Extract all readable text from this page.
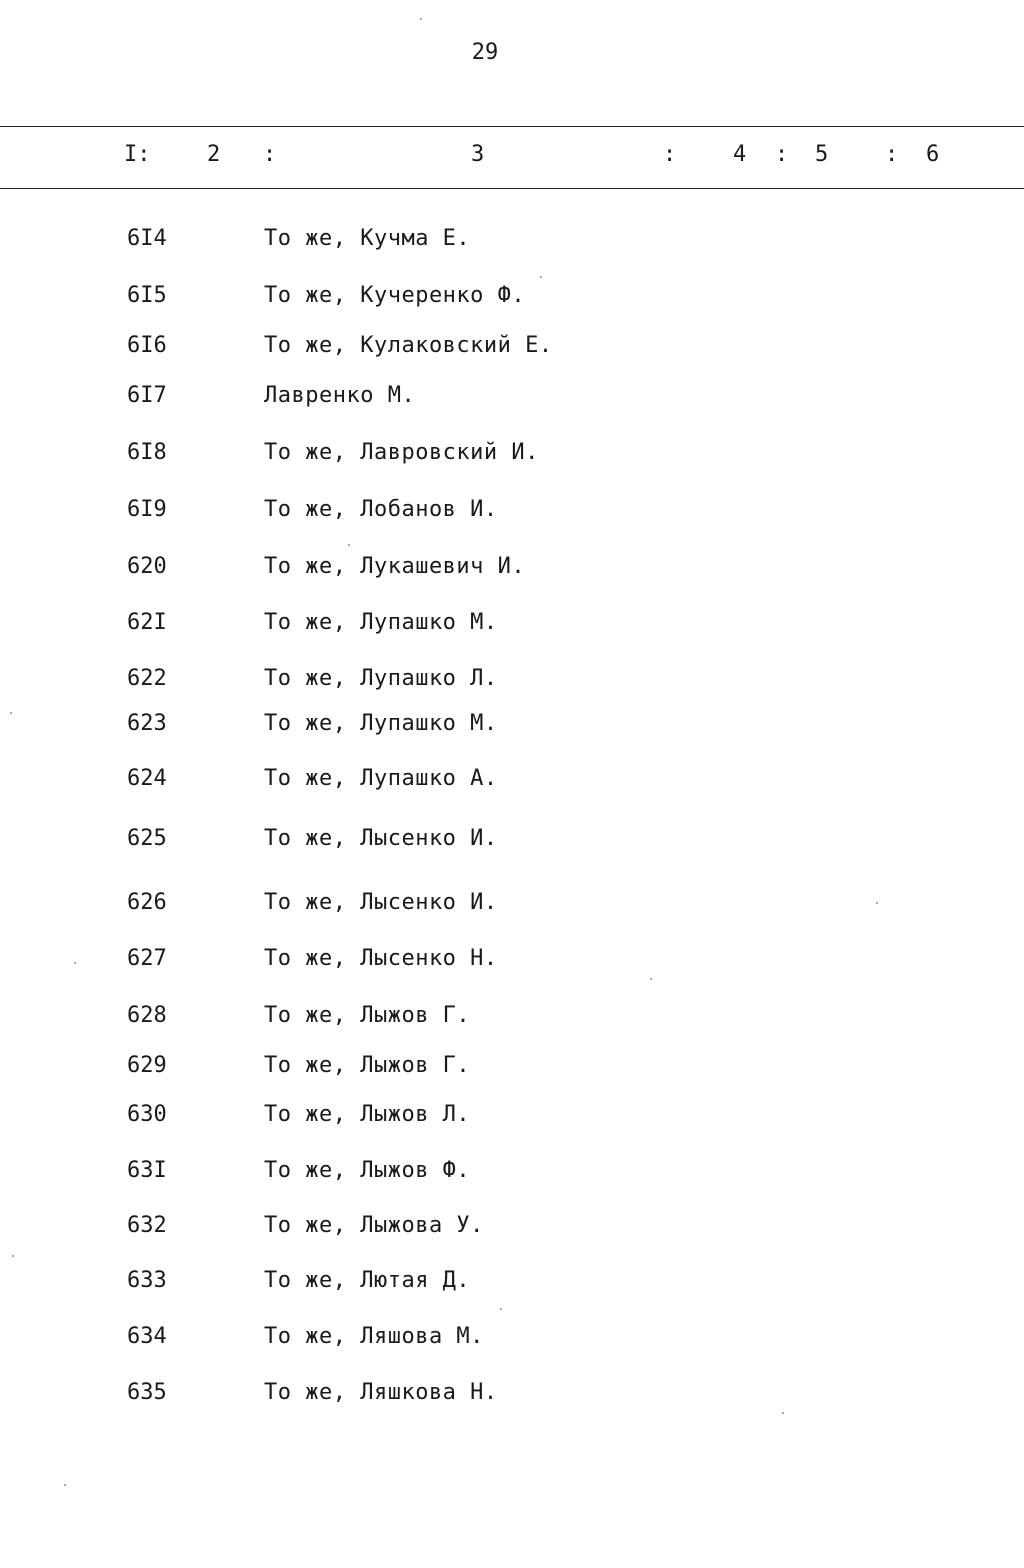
29
I:	2 :	3	:	4 : 5	: 6
6I4	То же, Кучма Е.
6I5	То же, Кучеренко Ф.
6I6	То же, Кулаковский Е.
6I7	Лавренко М.
6I8	То же, Лавровский И.
6I9	То же, Лобанов И.
620	То же, Лукашевич И.
62I	То же, Лупашко М.
622	То же, Лупашко Л.
623	То же, Лупашко М.
624	То же, Лупашко А.
625	То же, Лысенко И.
626	То же, Лысенко И.
627	То же, Лысенко Н.
628	То же, Лыжов Г.
629	То же, Лыжов Г.
630	То же, Лыжов Л.
63I	То же, Лыжов Ф.
632	То же, Лыжова У.
633	То же, Лютая Д.
634	То же, Ляшова М.
635	То же, Ляшкова Н.
